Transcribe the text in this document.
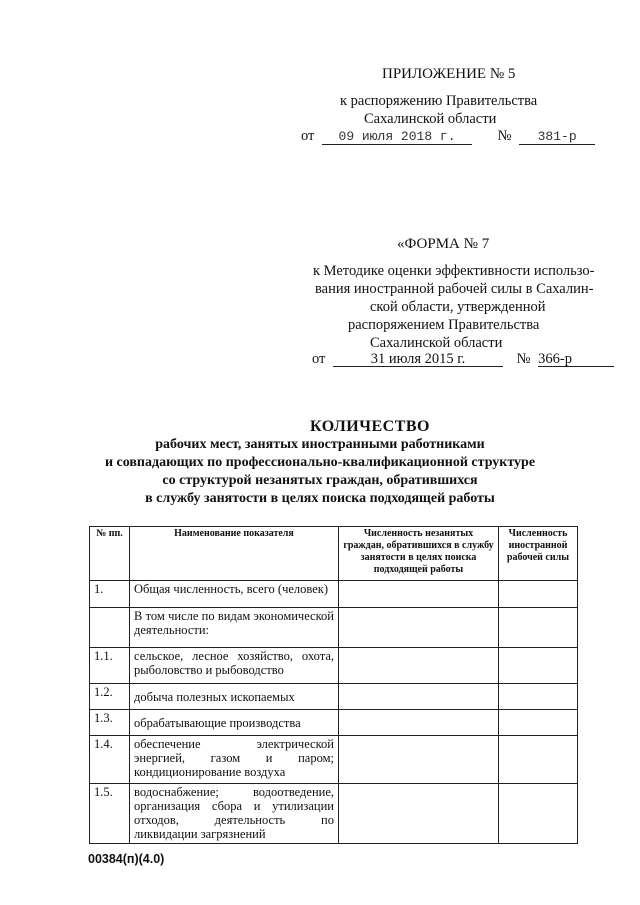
ПРИЛОЖЕНИЕ № 5
к распоряжению Правительства
Сахалинской области
от 09 июля 2018 г.	№ 381-р
«ФОРМА № 7
к Методике оценки эффективности использо-
вания иностранной рабочей силы в Сахалин-
ской области, утвержденной
распоряжением Правительства
Сахалинской области
от	31 июля 2015 г.	№ 366-р
КОЛИЧЕСТВО
рабочих мест, занятых иностранными работниками
и совпадающих по профессионально-квалификационной структуре
со структурой незанятых граждан, обратившихся
в службу занятости в целях поиска подходящей работы
№ пп.	Наименование показателя	Численность незанятых граждан, обратившихся в службу занятости в целях поиска подходящей работы	Численность иностранной рабочей силы
1.	Общая численность, всего (человек)		
	В том числе по видам экономической деятельности:		
1.1.	сельское, лесное хозяйство, охота, рыболовство и рыбоводство		
1.2.	добыча полезных ископаемых		
1.3.	обрабатывающие производства		
1.4.	обеспечение электрической энергией, газом и паром; кондиционирование воздуха		
1.5.	водоснабжение; водоотведение, организация сбора и утилизации отходов, деятельность по ликвидации загрязнений		
00384(п)(4.0)
